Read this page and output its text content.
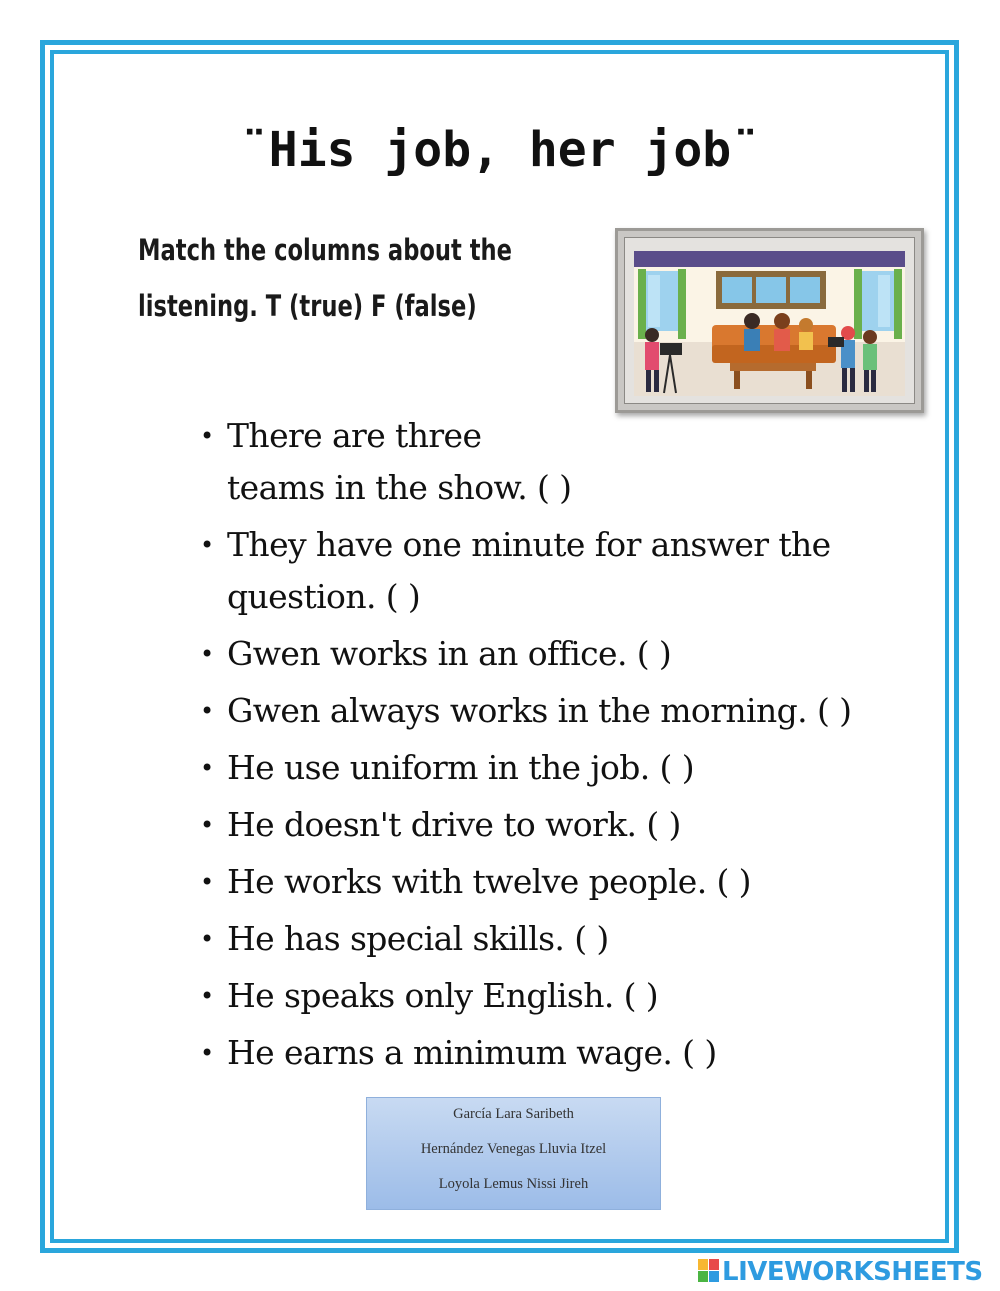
¨His job, her job¨
Match the columns about the
listening. T (true) F (false)
• There are three
teams in the show. ( )
• They have one minute for answer the
question. ( )
• Gwen works in an office. ( )
• Gwen always works in the morning. ( )
• He use uniform in the job. ( )
• He doesn't drive to work. ( )
• He works with twelve people. ( )
• He has special skills. ( )
• He speaks only English. ( )
• He earns a minimum wage. ( )
García Lara Saribeth
Hernández Venegas Lluvia Itzel
Loyola Lemus Nissi Jireh
LIVEWORKSHEETS
